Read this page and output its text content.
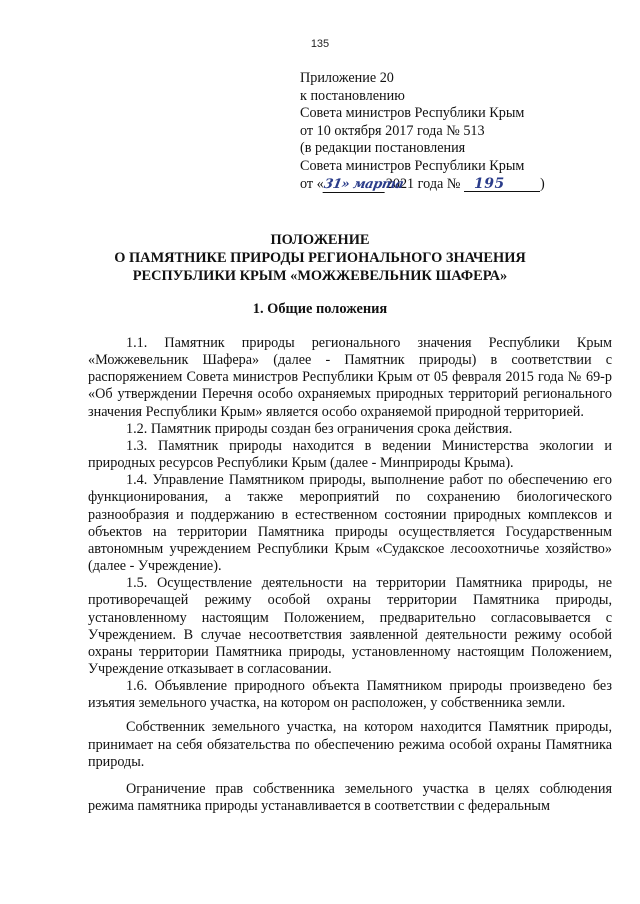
135
Приложение 20
к постановлению
Совета министров Республики Крым
от 10 октября 2017 года № 513
(в редакции постановления
Совета министров Республики Крым
от «31» марта2021 года № 195 )
ПОЛОЖЕНИЕ
О ПАМЯТНИКЕ ПРИРОДЫ РЕГИОНАЛЬНОГО ЗНАЧЕНИЯ
РЕСПУБЛИКИ КРЫМ «МОЖЖЕВЕЛЬНИК ШАФЕРА»
1. Общие положения

1.1. Памятник природы регионального значения Республики Крым «Можжевельник Шафера» (далее - Памятник природы) в соответствии с распоряжением Совета министров Республики Крым от 05 февраля 2015 года № 69-р «Об утверждении Перечня особо охраняемых природных территорий регионального значения Республики Крым» является особо охраняемой природной территорией.

1.2. Памятник природы создан без ограничения срока действия.

1.3. Памятник природы находится в ведении Министерства экологии и природных ресурсов Республики Крым (далее - Минприроды Крыма).

1.4. Управление Памятником природы, выполнение работ по обеспечению его функционирования, а также мероприятий по сохранению биологического разнообразия и поддержанию в естественном состоянии природных комплексов и объектов на территории Памятника природы осуществляется Государственным автономным учреждением Республики Крым «Судакское лесоохотничье хозяйство» (далее - Учреждение).

1.5. Осуществление деятельности на территории Памятника природы, не противоречащей режиму особой охраны территории Памятника природы, установленному настоящим Положением, предварительно согласовывается с Учреждением. В случае несоответствия заявленной деятельности режиму особой охраны территории Памятника природы, установленному настоящим Положением, Учреждение отказывает в согласовании.

1.6. Объявление природного объекта Памятником природы произведено без изъятия земельного участка, на котором он расположен, у собственника земли.

Собственник земельного участка, на котором находится Памятник природы, принимает на себя обязательства по обеспечению режима особой охраны Памятника природы.

Ограничение прав собственника земельного участка в целях соблюдения режима памятника природы устанавливается в соответствии с федеральным
